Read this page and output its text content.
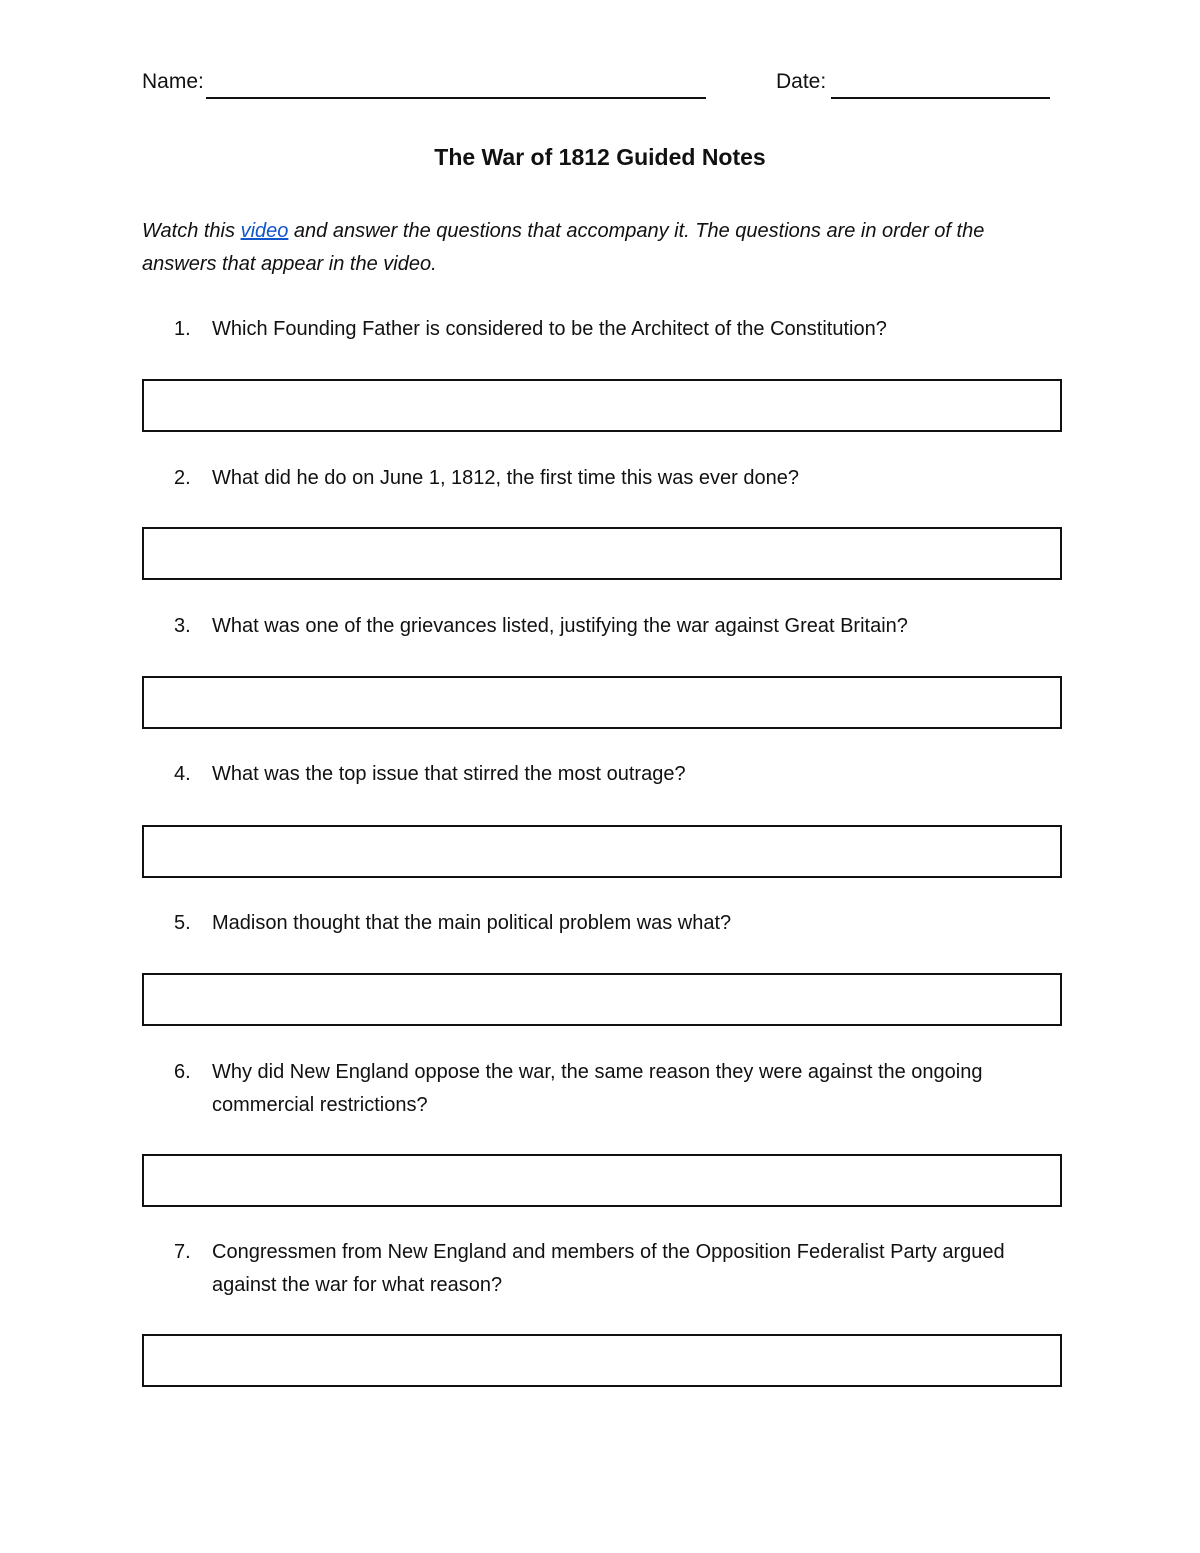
Name:	Date:
The War of 1812 Guided Notes
Watch this video and answer the questions that accompany it. The questions are in order of the answers that appear in the video.
1. Which Founding Father is considered to be the Architect of the Constitution?
2. What did he do on June 1, 1812, the first time this was ever done?
3. What was one of the grievances listed, justifying the war against Great Britain?
4. What was the top issue that stirred the most outrage?
5. Madison thought that the main political problem was what?
6. Why did New England oppose the war, the same reason they were against the ongoing commercial restrictions?
7. Congressmen from New England and members of the Opposition Federalist Party argued against the war for what reason?
